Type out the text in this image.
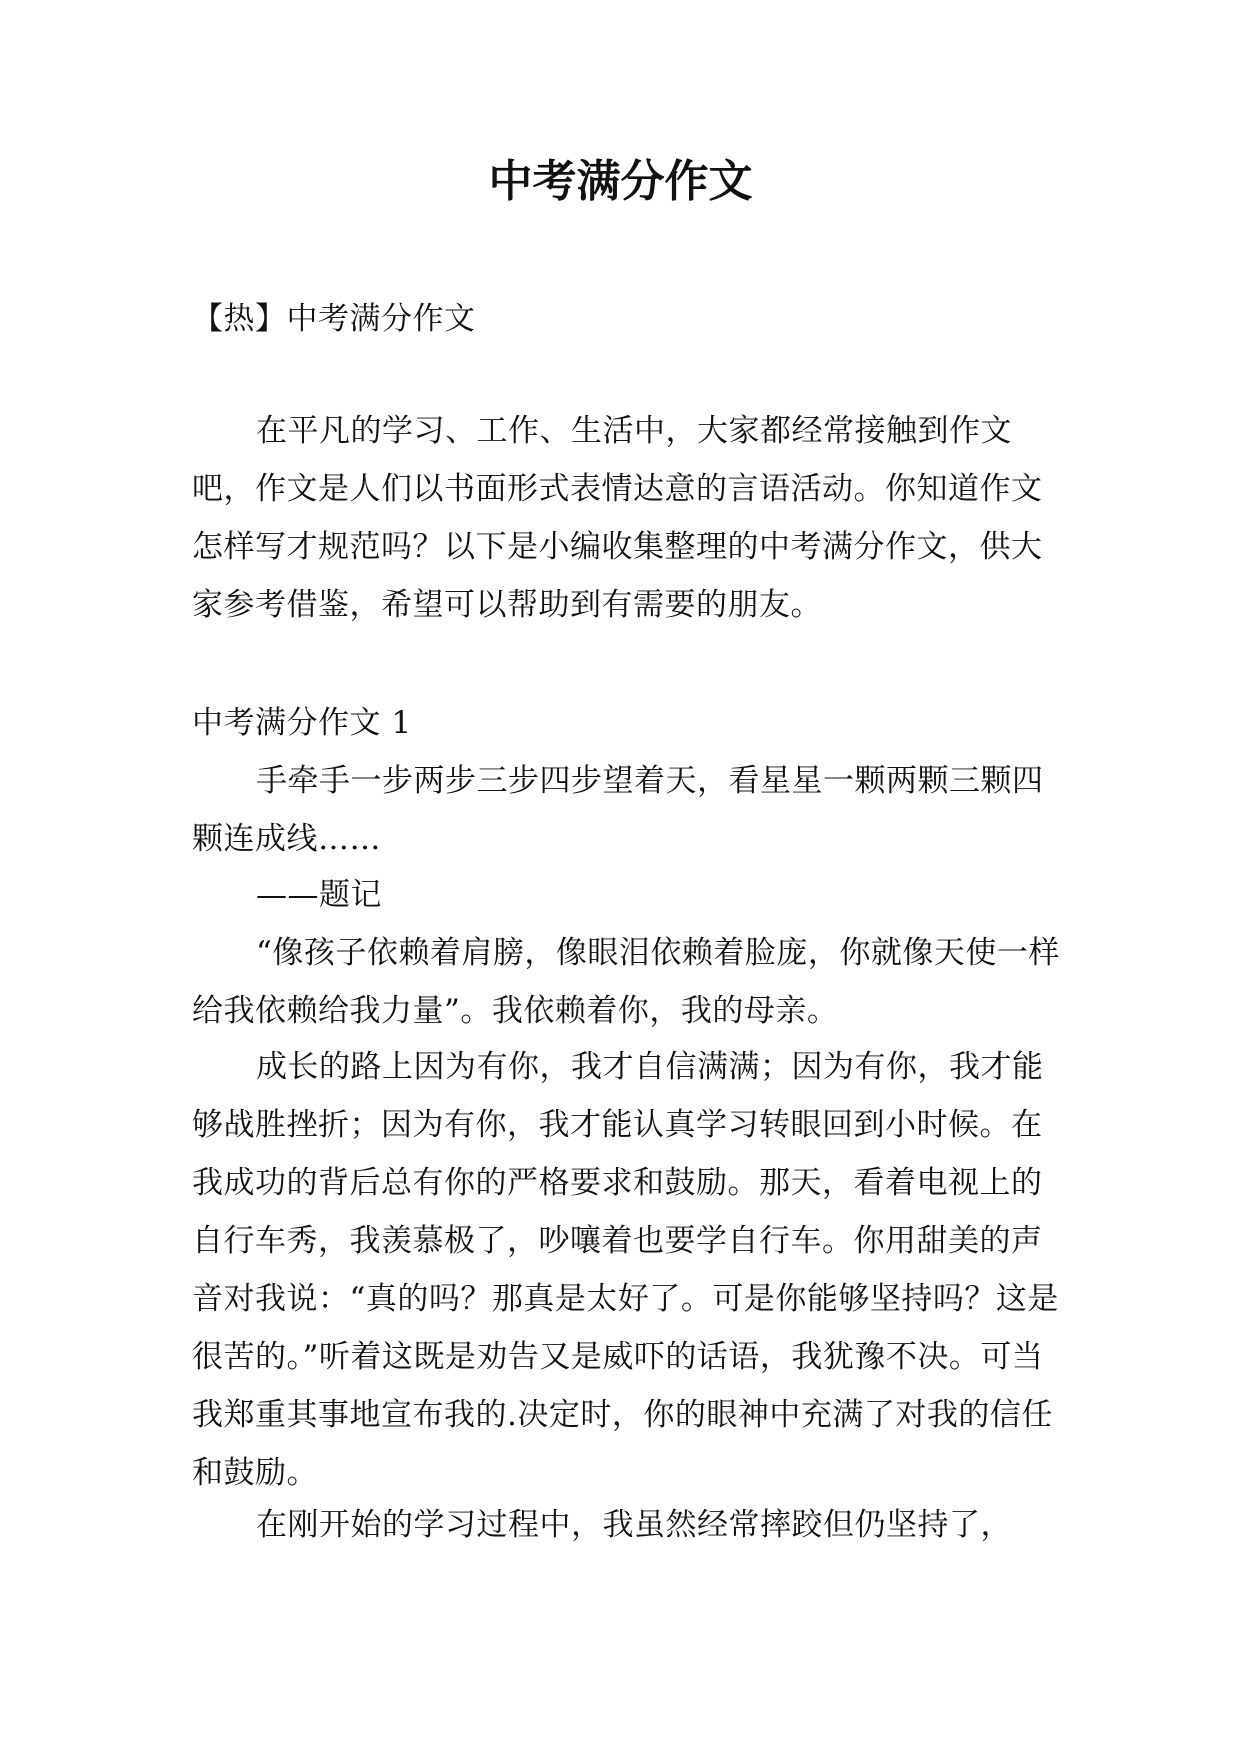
中考满分作文

【热】中考满分作文

在平凡的学习、工作、生活中，大家都经常接触到作文吧，作文是人们以书面形式表情达意的言语活动。你知道作文怎样写才规范吗？以下是小编收集整理的中考满分作文，供大家参考借鉴，希望可以帮助到有需要的朋友。

中考满分作文 1

手牵手一步两步三步四步望着天，看星星一颗两颗三颗四颗连成线……

——题记

“像孩子依赖着肩膀，像眼泪依赖着脸庞，你就像天使一样给我依赖给我力量”。我依赖着你，我的母亲。

成长的路上因为有你，我才自信满满；因为有你，我才能够战胜挫折；因为有你，我才能认真学习转眼回到小时候。在我成功的背后总有你的严格要求和鼓励。那天，看着电视上的自行车秀，我羡慕极了，吵嚷着也要学自行车。你用甜美的声音对我说：“真的吗？那真是太好了。可是你能够坚持吗？这是很苦的。”听着这既是劝告又是威吓的话语，我犹豫不决。可当我郑重其事地宣布我的.决定时，你的眼神中充满了对我的信任和鼓励。

在刚开始的学习过程中，我虽然经常摔跤但仍坚持了，
